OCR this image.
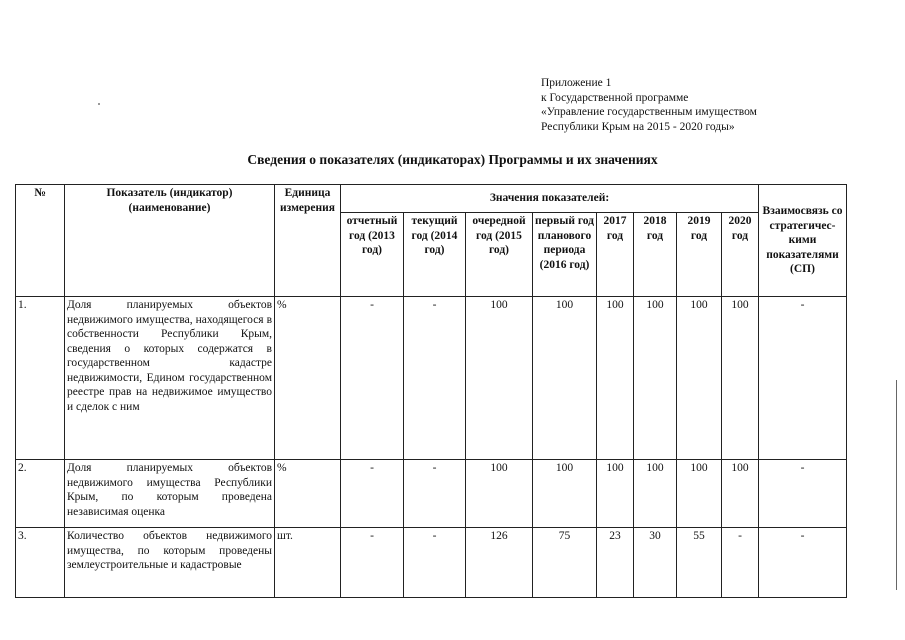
Приложение 1
к Государственной программе
«Управление государственным имуществом
Республики Крым на 2015 - 2020 годы»
Сведения о показателях (индикаторах) Программы и их значениях
№	Показатель (индикатор) (наименование)	Единица измерения	Значения показателей:								Взаимосвязь со стратегичес-кими показателями (СП)
			отчетный год (2013 год)	текущий год (2014 год)	очередной год (2015 год)	первый год планового периода (2016 год)	2017 год	2018 год	2019 год	2020 год	
1.	Доля планируемых объектов недвижимого имущества, находящегося в собственности Республики Крым, сведения о которых содержатся в государственном кадастре недвижимости, Едином государственном реестре прав на недвижимое имущество и сделок с ним	%	-	-	100	100	100	100	100	100	-
2.	Доля планируемых объектов недвижимого имущества Республики Крым, по которым проведена независимая оценка	%	-	-	100	100	100	100	100	100	-
3.	Количество объектов недвижимого имущества, по которым проведены землеустроительные и кадастровые	шт.	-	-	126	75	23	30	55	-	-
